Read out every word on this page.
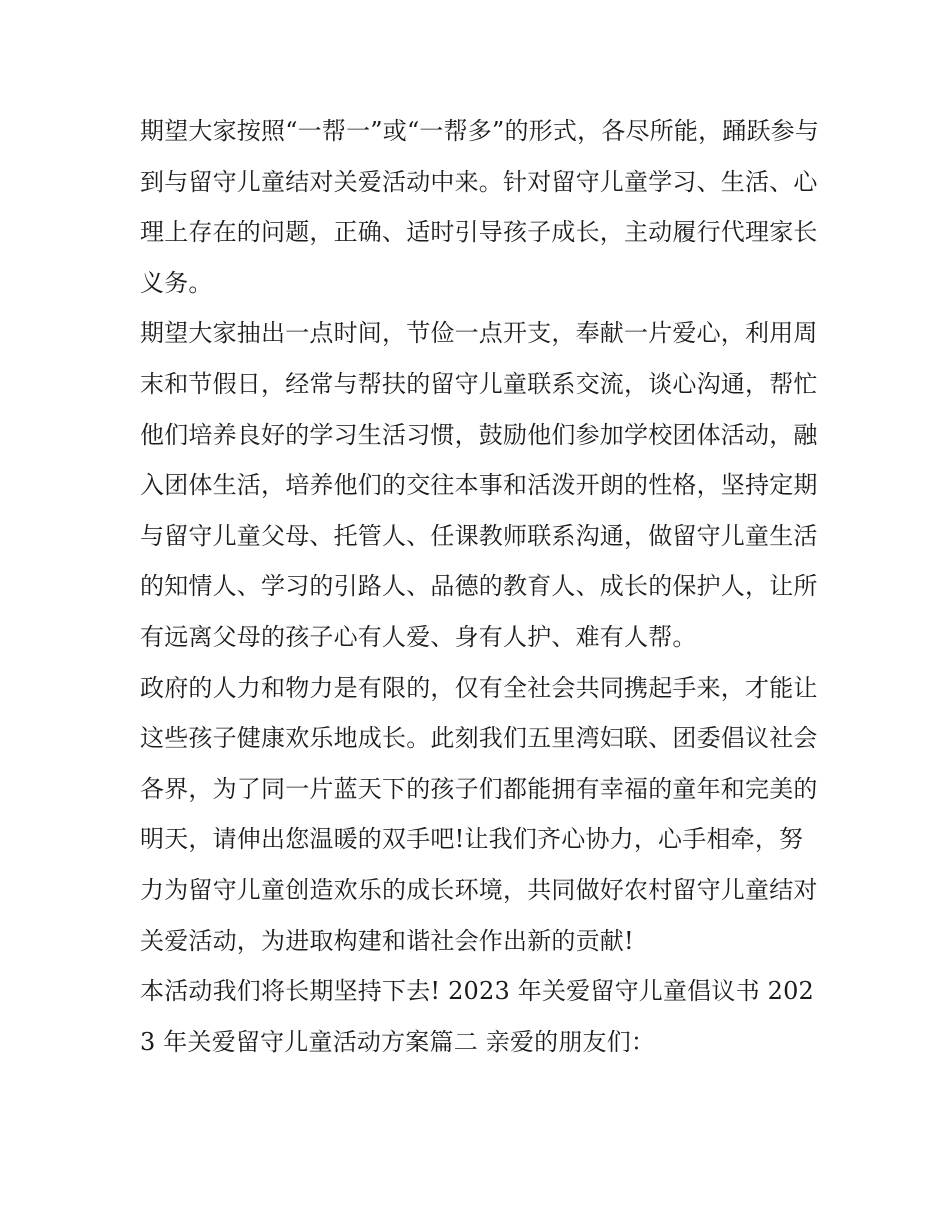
期望大家按照“一帮一”或“一帮多”的形式，各尽所能，踊跃参与到与留守儿童结对关爱活动中来。针对留守儿童学习、生活、心理上存在的问题，正确、适时引导孩子成长，主动履行代理家长义务。

期望大家抽出一点时间，节俭一点开支，奉献一片爱心，利用周末和节假日，经常与帮扶的留守儿童联系交流，谈心沟通，帮忙他们培养良好的学习生活习惯，鼓励他们参加学校团体活动，融入团体生活，培养他们的交往本事和活泼开朗的性格，坚持定期与留守儿童父母、托管人、任课教师联系沟通，做留守儿童生活的知情人、学习的引路人、品德的教育人、成长的保护人，让所有远离父母的孩子心有人爱、身有人护、难有人帮。

政府的人力和物力是有限的，仅有全社会共同携起手来，才能让这些孩子健康欢乐地成长。此刻我们五里湾妇联、团委倡议社会各界，为了同一片蓝天下的孩子们都能拥有幸福的童年和完美的明天，请伸出您温暖的双手吧!让我们齐心协力，心手相牵，努力为留守儿童创造欢乐的成长环境，共同做好农村留守儿童结对关爱活动，为进取构建和谐社会作出新的贡献!

本活动我们将长期坚持下去! 2023 年关爱留守儿童倡议书 2023 年关爱留守儿童活动方案篇二 亲爱的朋友们：
